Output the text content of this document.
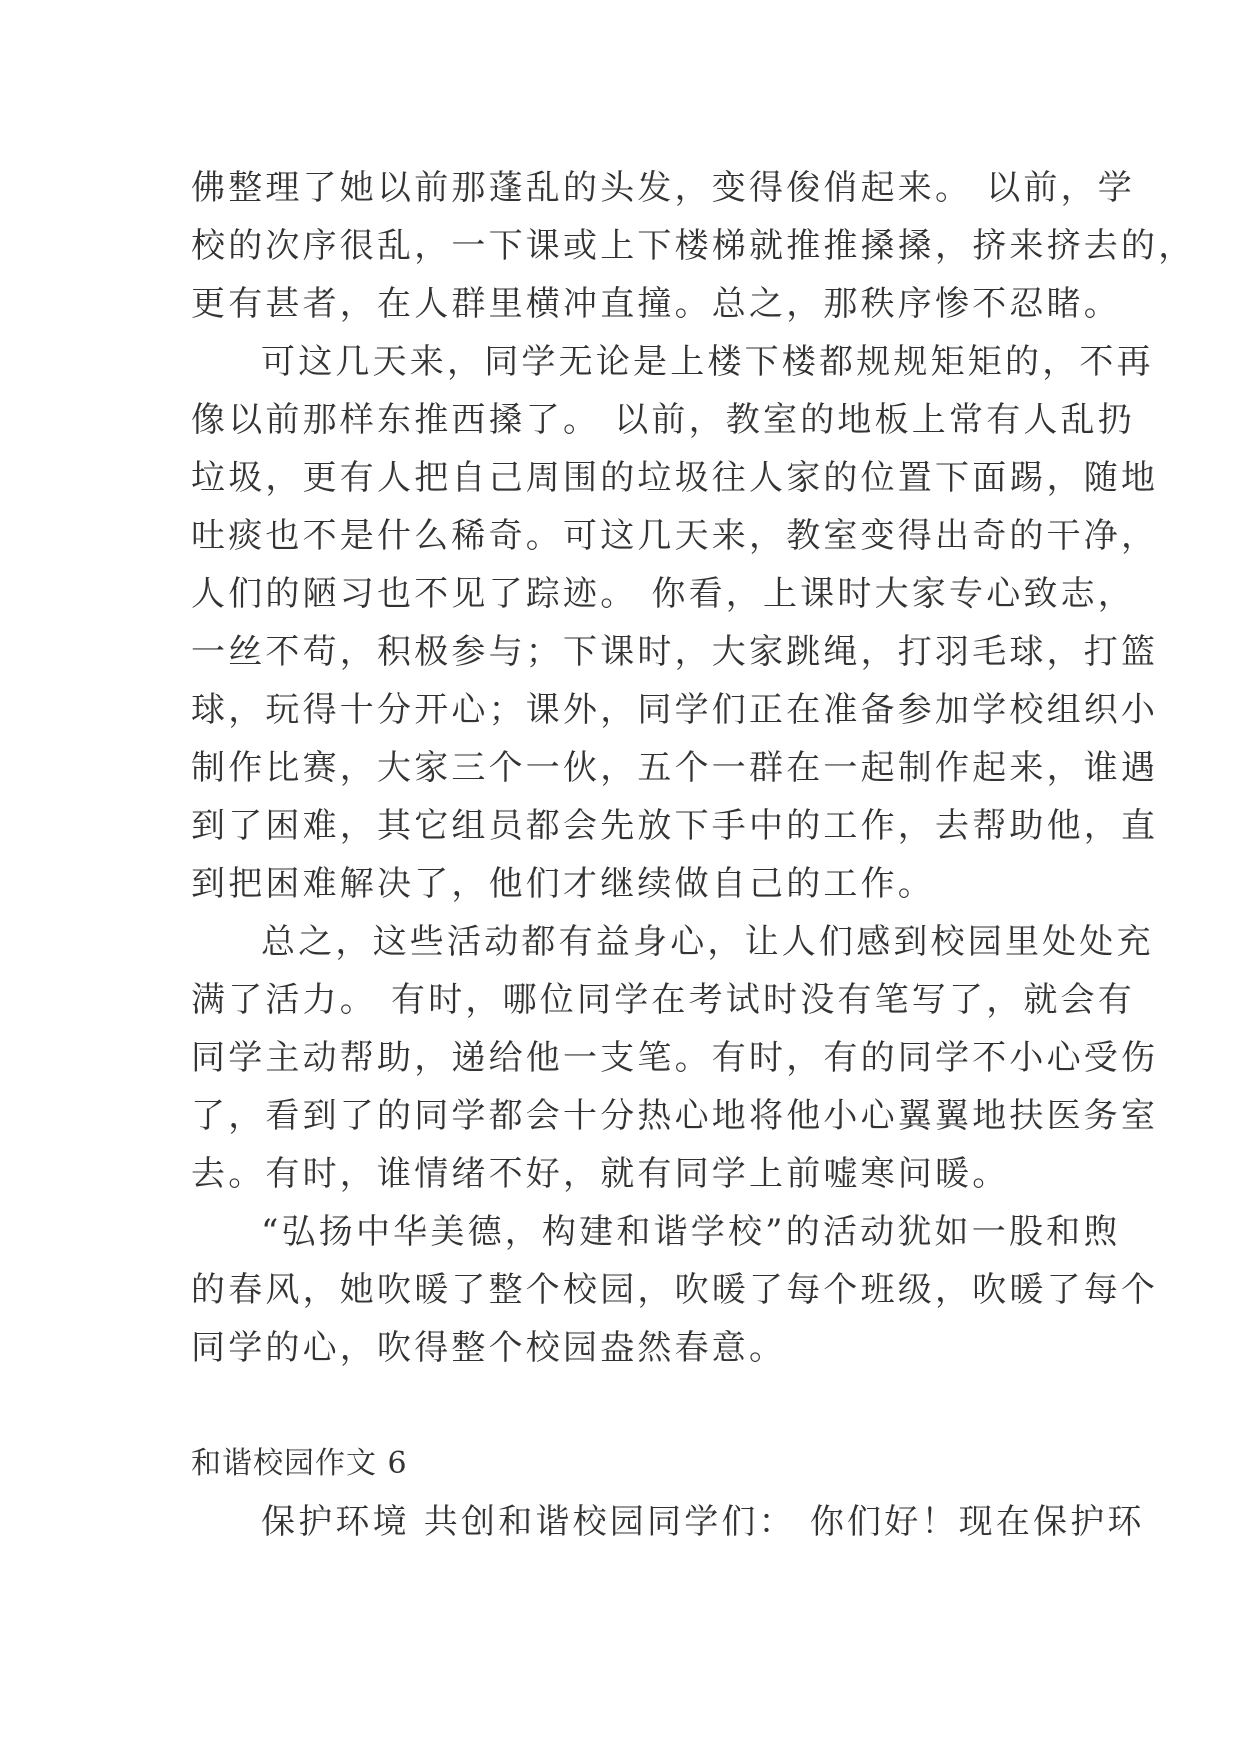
佛整理了她以前那蓬乱的头发，变得俊俏起来。 以前，学
校的次序很乱，一下课或上下楼梯就推推搡搡，挤来挤去的，
更有甚者，在人群里横冲直撞。总之，那秩序惨不忍睹。
可这几天来，同学无论是上楼下楼都规规矩矩的，不再
像以前那样东推西搡了。 以前，教室的地板上常有人乱扔
垃圾，更有人把自己周围的垃圾往人家的位置下面踢，随地
吐痰也不是什么稀奇。可这几天来，教室变得出奇的干净，
人们的陋习也不见了踪迹。 你看，上课时大家专心致志，
一丝不苟，积极参与；下课时，大家跳绳，打羽毛球，打篮
球，玩得十分开心；课外，同学们正在准备参加学校组织小
制作比赛，大家三个一伙，五个一群在一起制作起来，谁遇
到了困难，其它组员都会先放下手中的工作，去帮助他，直
到把困难解决了，他们才继续做自己的工作。
总之，这些活动都有益身心，让人们感到校园里处处充
满了活力。 有时，哪位同学在考试时没有笔写了，就会有
同学主动帮助，递给他一支笔。有时，有的同学不小心受伤
了，看到了的同学都会十分热心地将他小心翼翼地扶医务室
去。有时，谁情绪不好，就有同学上前嘘寒问暖。
“弘扬中华美德，构建和谐学校”的活动犹如一股和煦
的春风，她吹暖了整个校园，吹暖了每个班级，吹暖了每个
同学的心，吹得整个校园盎然春意。
和谐校园作文 6
保护环境 共创和谐校园同学们： 你们好！现在保护环
